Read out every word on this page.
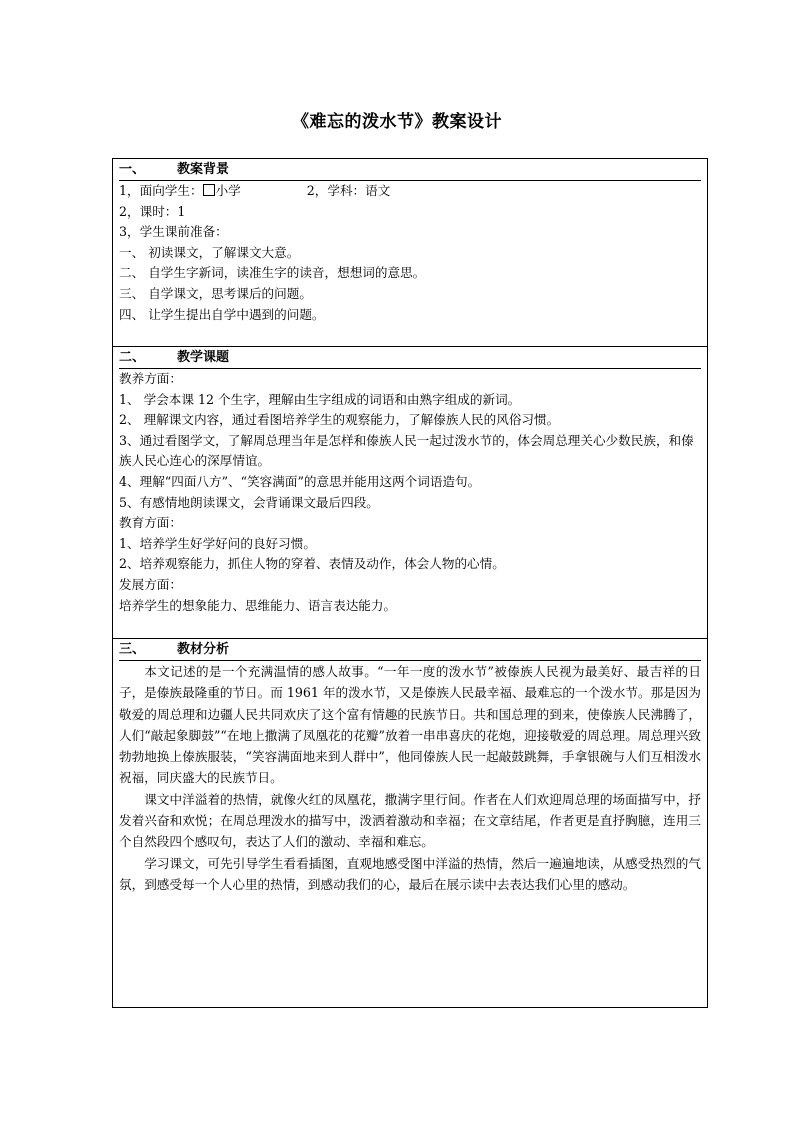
《难忘的泼水节》教案设计
一、 教案背景
1，面向学生： 小学	2，学科：语文
2，课时：1
3，学生课前准备：
一、 初读课文，了解课文大意。
二、 自学生字新词，读准生字的读音，想想词的意思。
三、 自学课文，思考课后的问题。
四、 让学生提出自学中遇到的问题。
二、 教学课题
教养方面：
1、 学会本课 12 个生字，理解由生字组成的词语和由熟字组成的新词。
2、 理解课文内容，通过看图培养学生的观察能力，了解傣族人民的风俗习惯。
3、通过看图学文，了解周总理当年是怎样和傣族人民一起过泼水节的，体会周总理关心少数民族，和傣族人民心连心的深厚情谊。
4、理解“四面八方”、“笑容满面”的意思并能用这两个词语造句。
5、有感情地朗读课文，会背诵课文最后四段。
教育方面：
1、培养学生好学好问的良好习惯。
2、培养观察能力，抓住人物的穿着、表情及动作，体会人物的心情。
发展方面：
培养学生的想象能力、思维能力、语言表达能力。
三、 教材分析
本文记述的是一个充满温情的感人故事。“一年一度的泼水节”被傣族人民视为最美好、最吉祥的日子，是傣族最隆重的节日。而 1961 年的泼水节，又是傣族人民最幸福、最难忘的一个泼水节。那是因为敬爱的周总理和边疆人民共同欢庆了这个富有情趣的民族节日。共和国总理的到来，使傣族人民沸腾了，人们“敲起象脚鼓”“在地上撒满了凤凰花的花瓣”放着一串串喜庆的花炮，迎接敬爱的周总理。周总理兴致勃勃地换上傣族服装，“笑容满面地来到人群中”，他同傣族人民一起敲鼓跳舞，手拿银碗与人们互相泼水祝福，同庆盛大的民族节日。
课文中洋溢着的热情，就像火红的凤凰花，撒满字里行间。作者在人们欢迎周总理的场面描写中，抒发着兴奋和欢悦；在周总理泼水的描写中，泼洒着激动和幸福；在文章结尾，作者更是直抒胸臆，连用三个自然段四个感叹句，表达了人们的激动、幸福和难忘。
学习课文，可先引导学生看看插图，直观地感受图中洋溢的热情，然后一遍遍地读，从感受热烈的气氛，到感受每一个人心里的热情，到感动我们的心，最后在展示读中去表达我们心里的感动。
